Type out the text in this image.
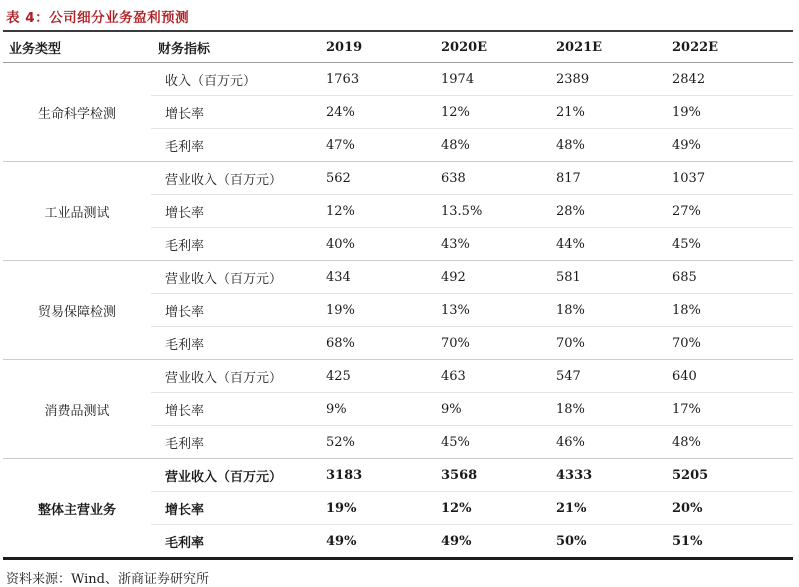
表 4：公司细分业务盈利预测
业务类型	财务指标	2019	2020E	2021E	2022E
生命科学检测	收入（百万元）	1763	1974	2389	2842
	增长率	24%	12%	21%	19%
	毛利率	47%	48%	48%	49%
工业品测试	营业收入（百万元）	562	638	817	1037
	增长率	12%	13.5%	28%	27%
	毛利率	40%	43%	44%	45%
贸易保障检测	营业收入（百万元）	434	492	581	685
	增长率	19%	13%	18%	18%
	毛利率	68%	70%	70%	70%
消费品测试	营业收入（百万元）	425	463	547	640
	增长率	9%	9%	18%	17%
	毛利率	52%	45%	46%	48%
整体主营业务	营业收入（百万元）	3183	3568	4333	5205
	增长率	19%	12%	21%	20%
	毛利率	49%	49%	50%	51%
资料来源：Wind、浙商证券研究所
